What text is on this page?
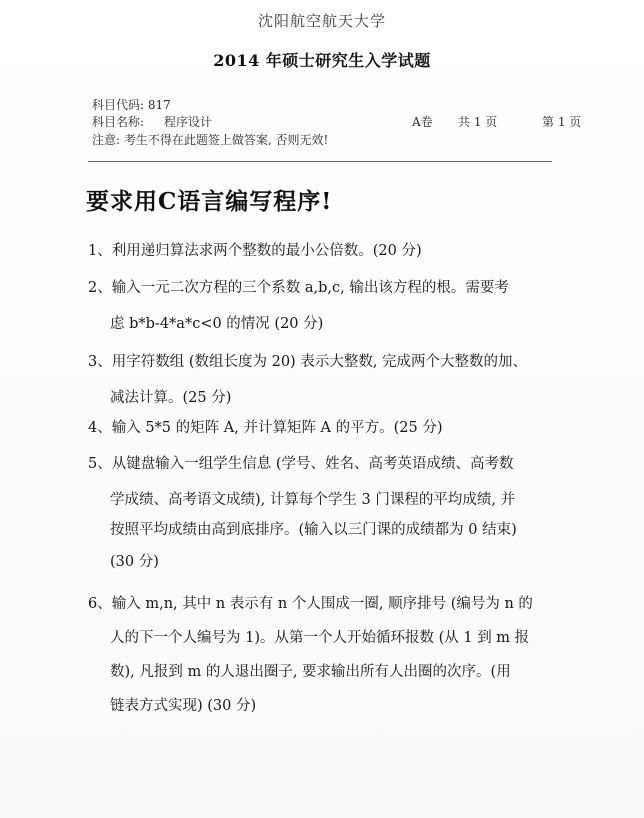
沈阳航空航天大学
2014 年硕士研究生入学试题
科目代码: 817
科目名称: 程序设计	A卷 共 1 页	第 1 页
注意: 考生不得在此题签上做答案, 否则无效!
要求用C语言编写程序!
1、利用递归算法求两个整数的最小公倍数。(20 分)
2、输入一元二次方程的三个系数 a,b,c, 输出该方程的根。需要考
虑 b*b-4*a*c<0 的情况 (20 分)
3、用字符数组 (数组长度为 20) 表示大整数, 完成两个大整数的加、
减法计算。(25 分)
4、输入 5*5 的矩阵 A, 并计算矩阵 A 的平方。(25 分)
5、从键盘输入一组学生信息 (学号、姓名、高考英语成绩、高考数
学成绩、高考语文成绩), 计算每个学生 3 门课程的平均成绩, 并
按照平均成绩由高到底排序。(输入以三门课的成绩都为 0 结束)
(30 分)
6、输入 m,n, 其中 n 表示有 n 个人围成一圈, 顺序排号 (编号为 n 的
人的下一个人编号为 1)。从第一个人开始循环报数 (从 1 到 m 报
数), 凡报到 m 的人退出圈子, 要求输出所有人出圈的次序。(用
链表方式实现) (30 分)
